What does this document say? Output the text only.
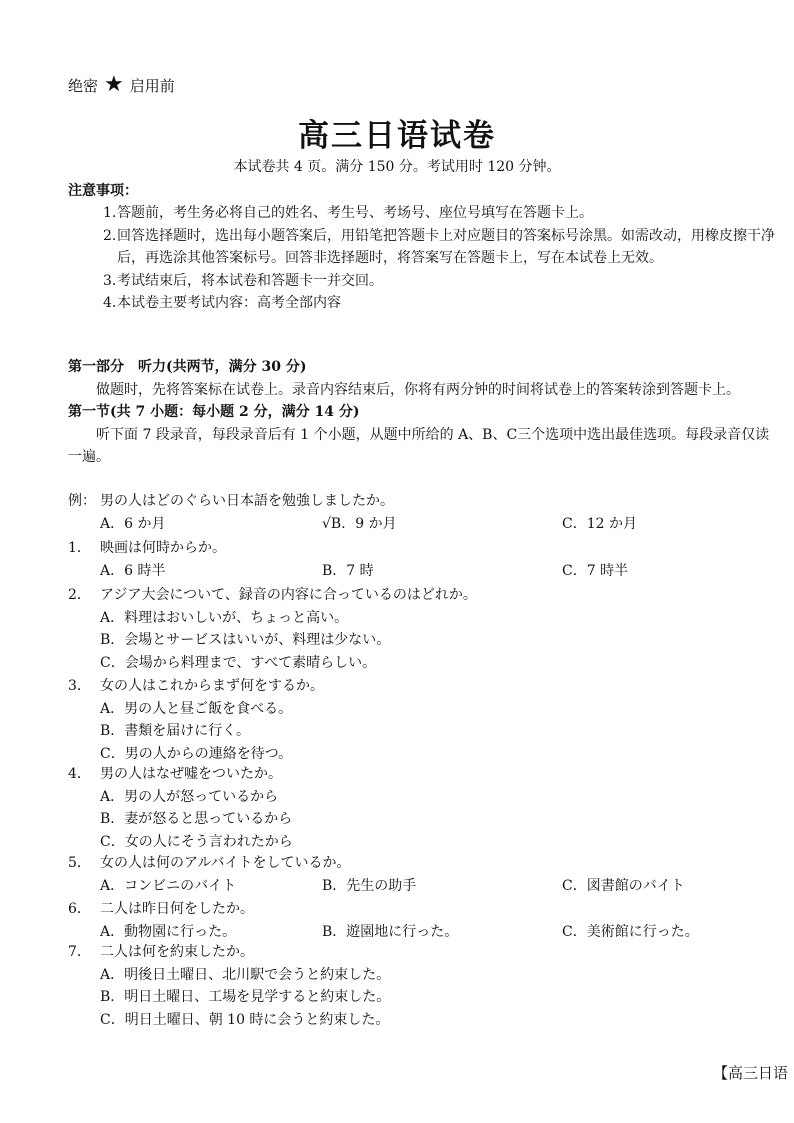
绝密 ★ 启用前
高三日语试卷
本试卷共 4 页。满分 150 分。考试用时 120 分钟。
注意事项：
1. 答题前，考生务必将自己的姓名、考生号、考场号、座位号填写在答题卡上。
2. 回答选择题时，选出每小题答案后，用铅笔把答题卡上对应题目的答案标号涂黑。如需改动，用橡皮擦干净后，再选涂其他答案标号。回答非选择题时，将答案写在答题卡上，写在本试卷上无效。
3. 考试结束后，将本试卷和答题卡一并交回。
4. 本试卷主要考试内容：高考全部内容
第一部分　听力(共两节，满分 30 分)
做题时，先将答案标在试卷上。录音内容结束后，你将有两分钟的时间将试卷上的答案转涂到答题卡上。
第一节(共 7 小题：每小题 2 分，满分 14 分)
听下面 7 段录音，每段录音后有 1 个小题，从题中所给的 A、B、C三个选项中选出最佳选项。每段录音仅读一遍。
例： 男の人はどのぐらい日本語を勉強しましたか。
A．6 か月	√B．9 か月	C．12 か月
1． 映画は何時からか。
A．6 時半	B．7 時	C．7 時半
2． アジア大会について、録音の内容に合っているのはどれか。
A．料理はおいしいが、ちょっと高い。
B．会場とサービスはいいが、料理は少ない。
C．会場から料理まで、すべて素晴らしい。
3． 女の人はこれからまず何をするか。
A．男の人と昼ご飯を食べる。
B．書類を届けに行く。
C．男の人からの連絡を待つ。
4． 男の人はなぜ嘘をついたか。
A．男の人が怒っているから
B．妻が怒ると思っているから
C．女の人にそう言われたから
5． 女の人は何のアルバイトをしているか。
A．コンビニのバイト	B．先生の助手	C．図書館のバイト
6． 二人は昨日何をしたか。
A．動物園に行った。	B．遊園地に行った。	C．美術館に行った。
7． 二人は何を約束したか。
A．明後日土曜日、北川駅で会うと約束した。
B．明日土曜日、工場を見学すると約束した。
C．明日土曜日、朝 10 時に会うと約束した。
【高三日语
